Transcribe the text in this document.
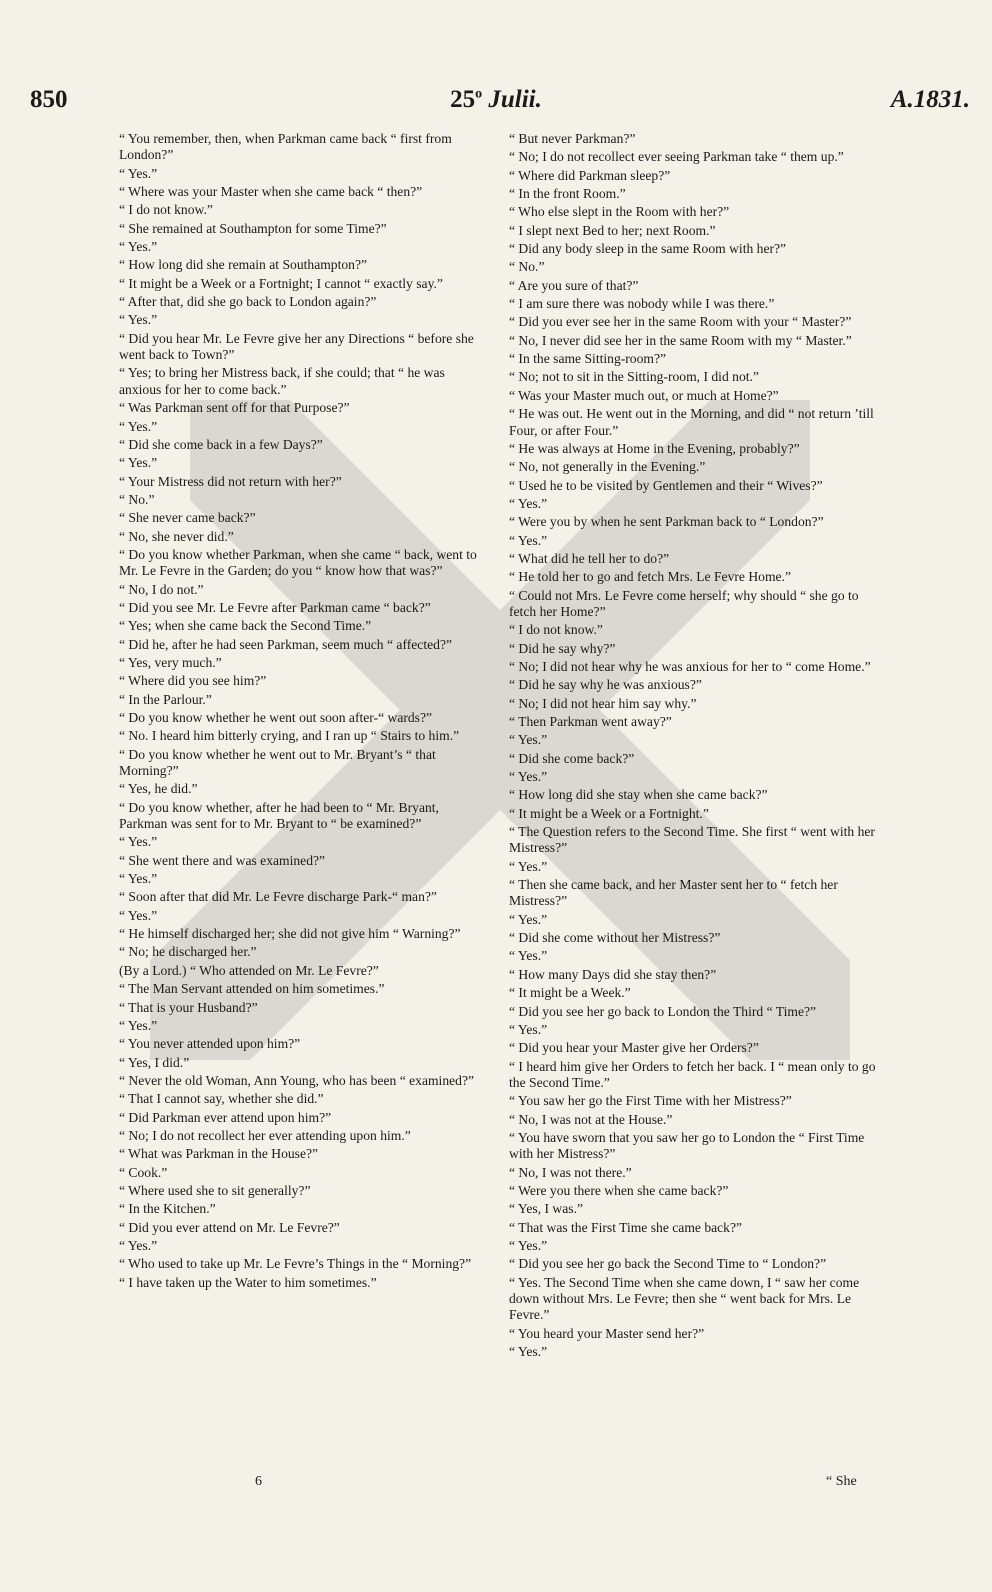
850	25$^o$ Julii.	A.1831.

“ You remember, then, when Parkman came back “ first from London?”

“ Yes.”

“ Where was your Master when she came back “ then?”

“ I do not know.”

“ She remained at Southampton for some Time?”

“ Yes.”

“ How long did she remain at Southampton?”

“ It might be a Week or a Fortnight; I cannot “ exactly say.”

“ After that, did she go back to London again?”

“ Yes.”

“ Did you hear Mr. Le Fevre give her any Directions “ before she went back to Town?”

“ Yes; to bring her Mistress back, if she could; that “ he was anxious for her to come back.”

“ Was Parkman sent off for that Purpose?”

“ Yes.”

“ Did she come back in a few Days?”

“ Yes.”

“ Your Mistress did not return with her?”

“ No.”

“ She never came back?”

“ No, she never did.”

“ Do you know whether Parkman, when she came “ back, went to Mr. Le Fevre in the Garden; do you “ know how that was?”

“ No, I do not.”

“ Did you see Mr. Le Fevre after Parkman came “ back?”

“ Yes; when she came back the Second Time.”

“ Did he, after he had seen Parkman, seem much “ affected?”

“ Yes, very much.”

“ Where did you see him?”

“ In the Parlour.”

“ Do you know whether he went out soon after-“ wards?”

“ No. I heard him bitterly crying, and I ran up “ Stairs to him.”

“ Do you know whether he went out to Mr. Bryant’s “ that Morning?”

“ Yes, he did.”

“ Do you know whether, after he had been to “ Mr. Bryant, Parkman was sent for to Mr. Bryant to “ be examined?”

“ Yes.”

“ She went there and was examined?”

“ Yes.”

“ Soon after that did Mr. Le Fevre discharge Park-“ man?”

“ Yes.”

“ He himself discharged her; she did not give him “ Warning?”

“ No; he discharged her.”

(By a Lord.) “ Who attended on Mr. Le Fevre?”

“ The Man Servant attended on him sometimes.”

“ That is your Husband?”

“ Yes.”

“ You never attended upon him?”

“ Yes, I did.”

“ Never the old Woman, Ann Young, who has been “ examined?”

“ That I cannot say, whether she did.”

“ Did Parkman ever attend upon him?”

“ No; I do not recollect her ever attending upon him.”

“ What was Parkman in the House?”

“ Cook.”

“ Where used she to sit generally?”

“ In the Kitchen.”

“ Did you ever attend on Mr. Le Fevre?”

“ Yes.”

“ Who used to take up Mr. Le Fevre’s Things in the “ Morning?”

“ I have taken up the Water to him sometimes.”

“ But never Parkman?”

“ No; I do not recollect ever seeing Parkman take “ them up.”

“ Where did Parkman sleep?”

“ In the front Room.”

“ Who else slept in the Room with her?”

“ I slept next Bed to her; next Room.”

“ Did any body sleep in the same Room with her?”

“ No.”

“ Are you sure of that?”

“ I am sure there was nobody while I was there.”

“ Did you ever see her in the same Room with your “ Master?”

“ No, I never did see her in the same Room with my “ Master.”

“ In the same Sitting-room?”

“ No; not to sit in the Sitting-room, I did not.”

“ Was your Master much out, or much at Home?”

“ He was out. He went out in the Morning, and did “ not return ’till Four, or after Four.”

“ He was always at Home in the Evening, probably?”

“ No, not generally in the Evening.”

“ Used he to be visited by Gentlemen and their “ Wives?”

“ Yes.”

“ Were you by when he sent Parkman back to “ London?”

“ Yes.”

“ What did he tell her to do?”

“ He told her to go and fetch Mrs. Le Fevre Home.”

“ Could not Mrs. Le Fevre come herself; why should “ she go to fetch her Home?”

“ I do not know.”

“ Did he say why?”

“ No; I did not hear why he was anxious for her to “ come Home.”

“ Did he say why he was anxious?”

“ No; I did not hear him say why.”

“ Then Parkman went away?”

“ Yes.”

“ Did she come back?”

“ Yes.”

“ How long did she stay when she came back?”

“ It might be a Week or a Fortnight.”

“ The Question refers to the Second Time. She first “ went with her Mistress?”

“ Yes.”

“ Then she came back, and her Master sent her to “ fetch her Mistress?”

“ Yes.”

“ Did she come without her Mistress?”

“ Yes.”

“ How many Days did she stay then?”

“ It might be a Week.”

“ Did you see her go back to London the Third “ Time?”

“ Yes.”

“ Did you hear your Master give her Orders?”

“ I heard him give her Orders to fetch her back. I “ mean only to go the Second Time.”

“ You saw her go the First Time with her Mistress?”

“ No, I was not at the House.”

“ You have sworn that you saw her go to London the “ First Time with her Mistress?”

“ No, I was not there.”

“ Were you there when she came back?”

“ Yes, I was.”

“ That was the First Time she came back?”

“ Yes.”

“ Did you see her go back the Second Time to “ London?”

“ Yes. The Second Time when she came down, I “ saw her come down without Mrs. Le Fevre; then she “ went back for Mrs. Le Fevre.”

“ You heard your Master send her?”

“ Yes.”

6	“ She
